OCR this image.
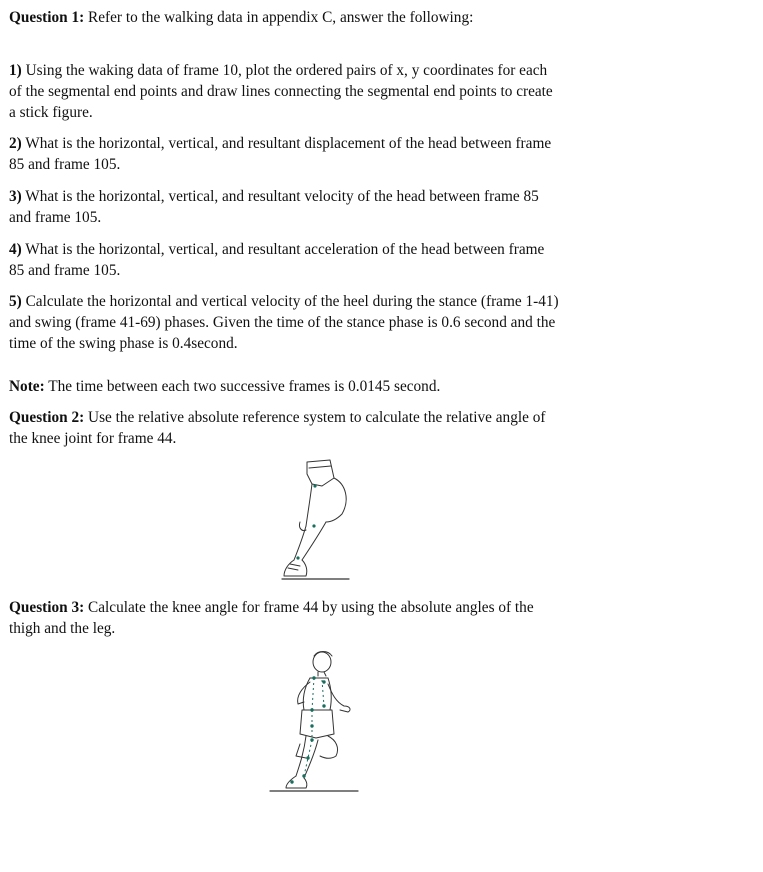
Question 1: Refer to the walking data in appendix C, answer the following:

1) Using the waking data of frame 10, plot the ordered pairs of x, y coordinates for each

of the segmental end points and draw lines connecting the segmental end points to create

a stick figure.

2) What is the horizontal, vertical, and resultant displacement of the head between frame

85 and frame 105.

3) What is the horizontal, vertical, and resultant velocity of the head between frame 85

and frame 105.

4) What is the horizontal, vertical, and resultant acceleration of the head between frame

85 and frame 105.

5) Calculate the horizontal and vertical velocity of the heel during the stance (frame 1-41)

and swing (frame 41-69) phases. Given the time of the stance phase is 0.6 second and the

time of the swing phase is 0.4second.

Note: The time between each two successive frames is 0.0145 second.

Question 2: Use the relative absolute reference system to calculate the relative angle of

the knee joint for frame 44.

Question 3: Calculate the knee angle for frame 44 by using the absolute angles of the

thigh and the leg.
